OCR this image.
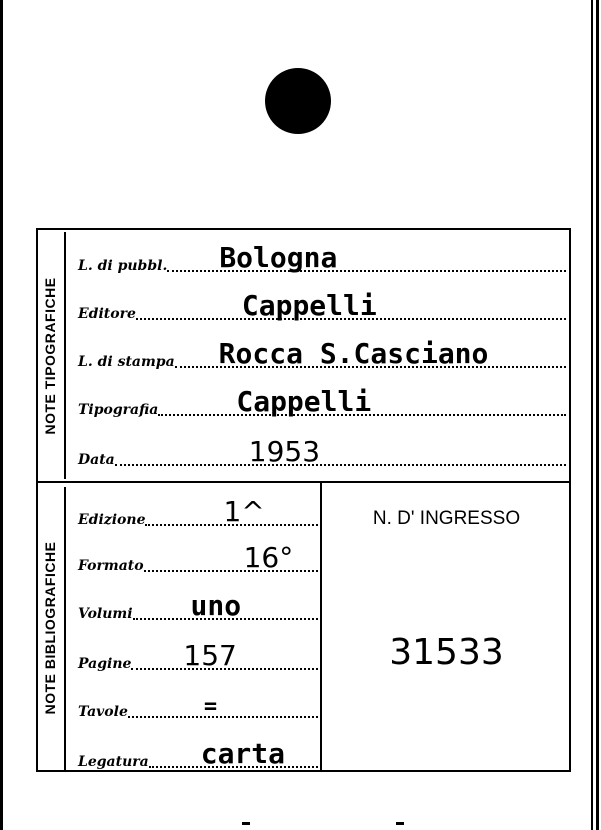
NOTE TIPOGRAFICHE
NOTE BIBLIOGRAFICHE
L. di pubbl. Bologna
Editore	Cappelli
L. di stampa Rocca S.Casciano
Tipografia	Cappelli
Data	1953
Edizione	1^
Formato	16°
Volumi uno
Pagine 157
Tavole	=
Legatura carta
N. D' INGRESSO
31533
